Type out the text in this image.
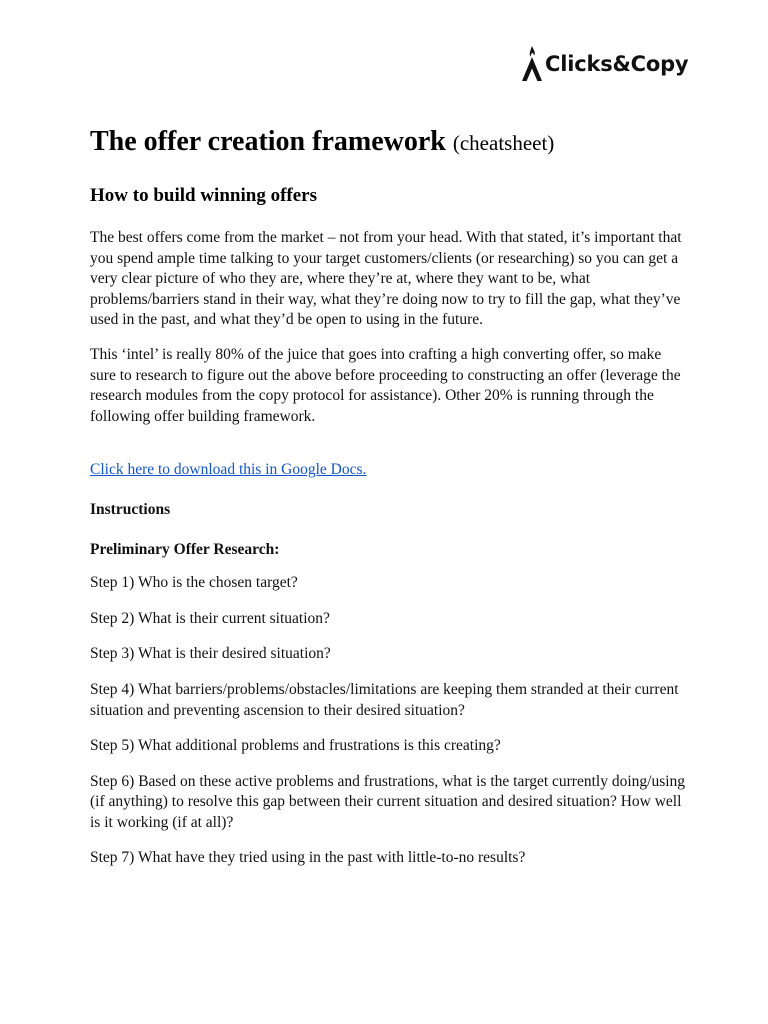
Clicks&Copy
The offer creation framework (cheatsheet)
How to build winning offers

The best offers come from the market – not from your head. With that stated, it’s important that you spend ample time talking to your target customers/clients (or researching) so you can get a very clear picture of who they are, where they’re at, where they want to be, what problems/barriers stand in their way, what they’re doing now to try to fill the gap, what they’ve used in the past, and what they’d be open to using in the future.

This ‘intel’ is really 80% of the juice that goes into crafting a high converting offer, so make sure to research to figure out the above before proceeding to constructing an offer (leverage the research modules from the copy protocol for assistance). Other 20% is running through the following offer building framework.

Click here to download this in Google Docs.

Instructions

Preliminary Offer Research:

Step 1) Who is the chosen target?

Step 2) What is their current situation?

Step 3) What is their desired situation?

Step 4) What barriers/problems/obstacles/limitations are keeping them stranded at their current situation and preventing ascension to their desired situation?

Step 5) What additional problems and frustrations is this creating?

Step 6) Based on these active problems and frustrations, what is the target currently doing/using (if anything) to resolve this gap between their current situation and desired situation? How well is it working (if at all)?

Step 7) What have they tried using in the past with little-to-no results?
